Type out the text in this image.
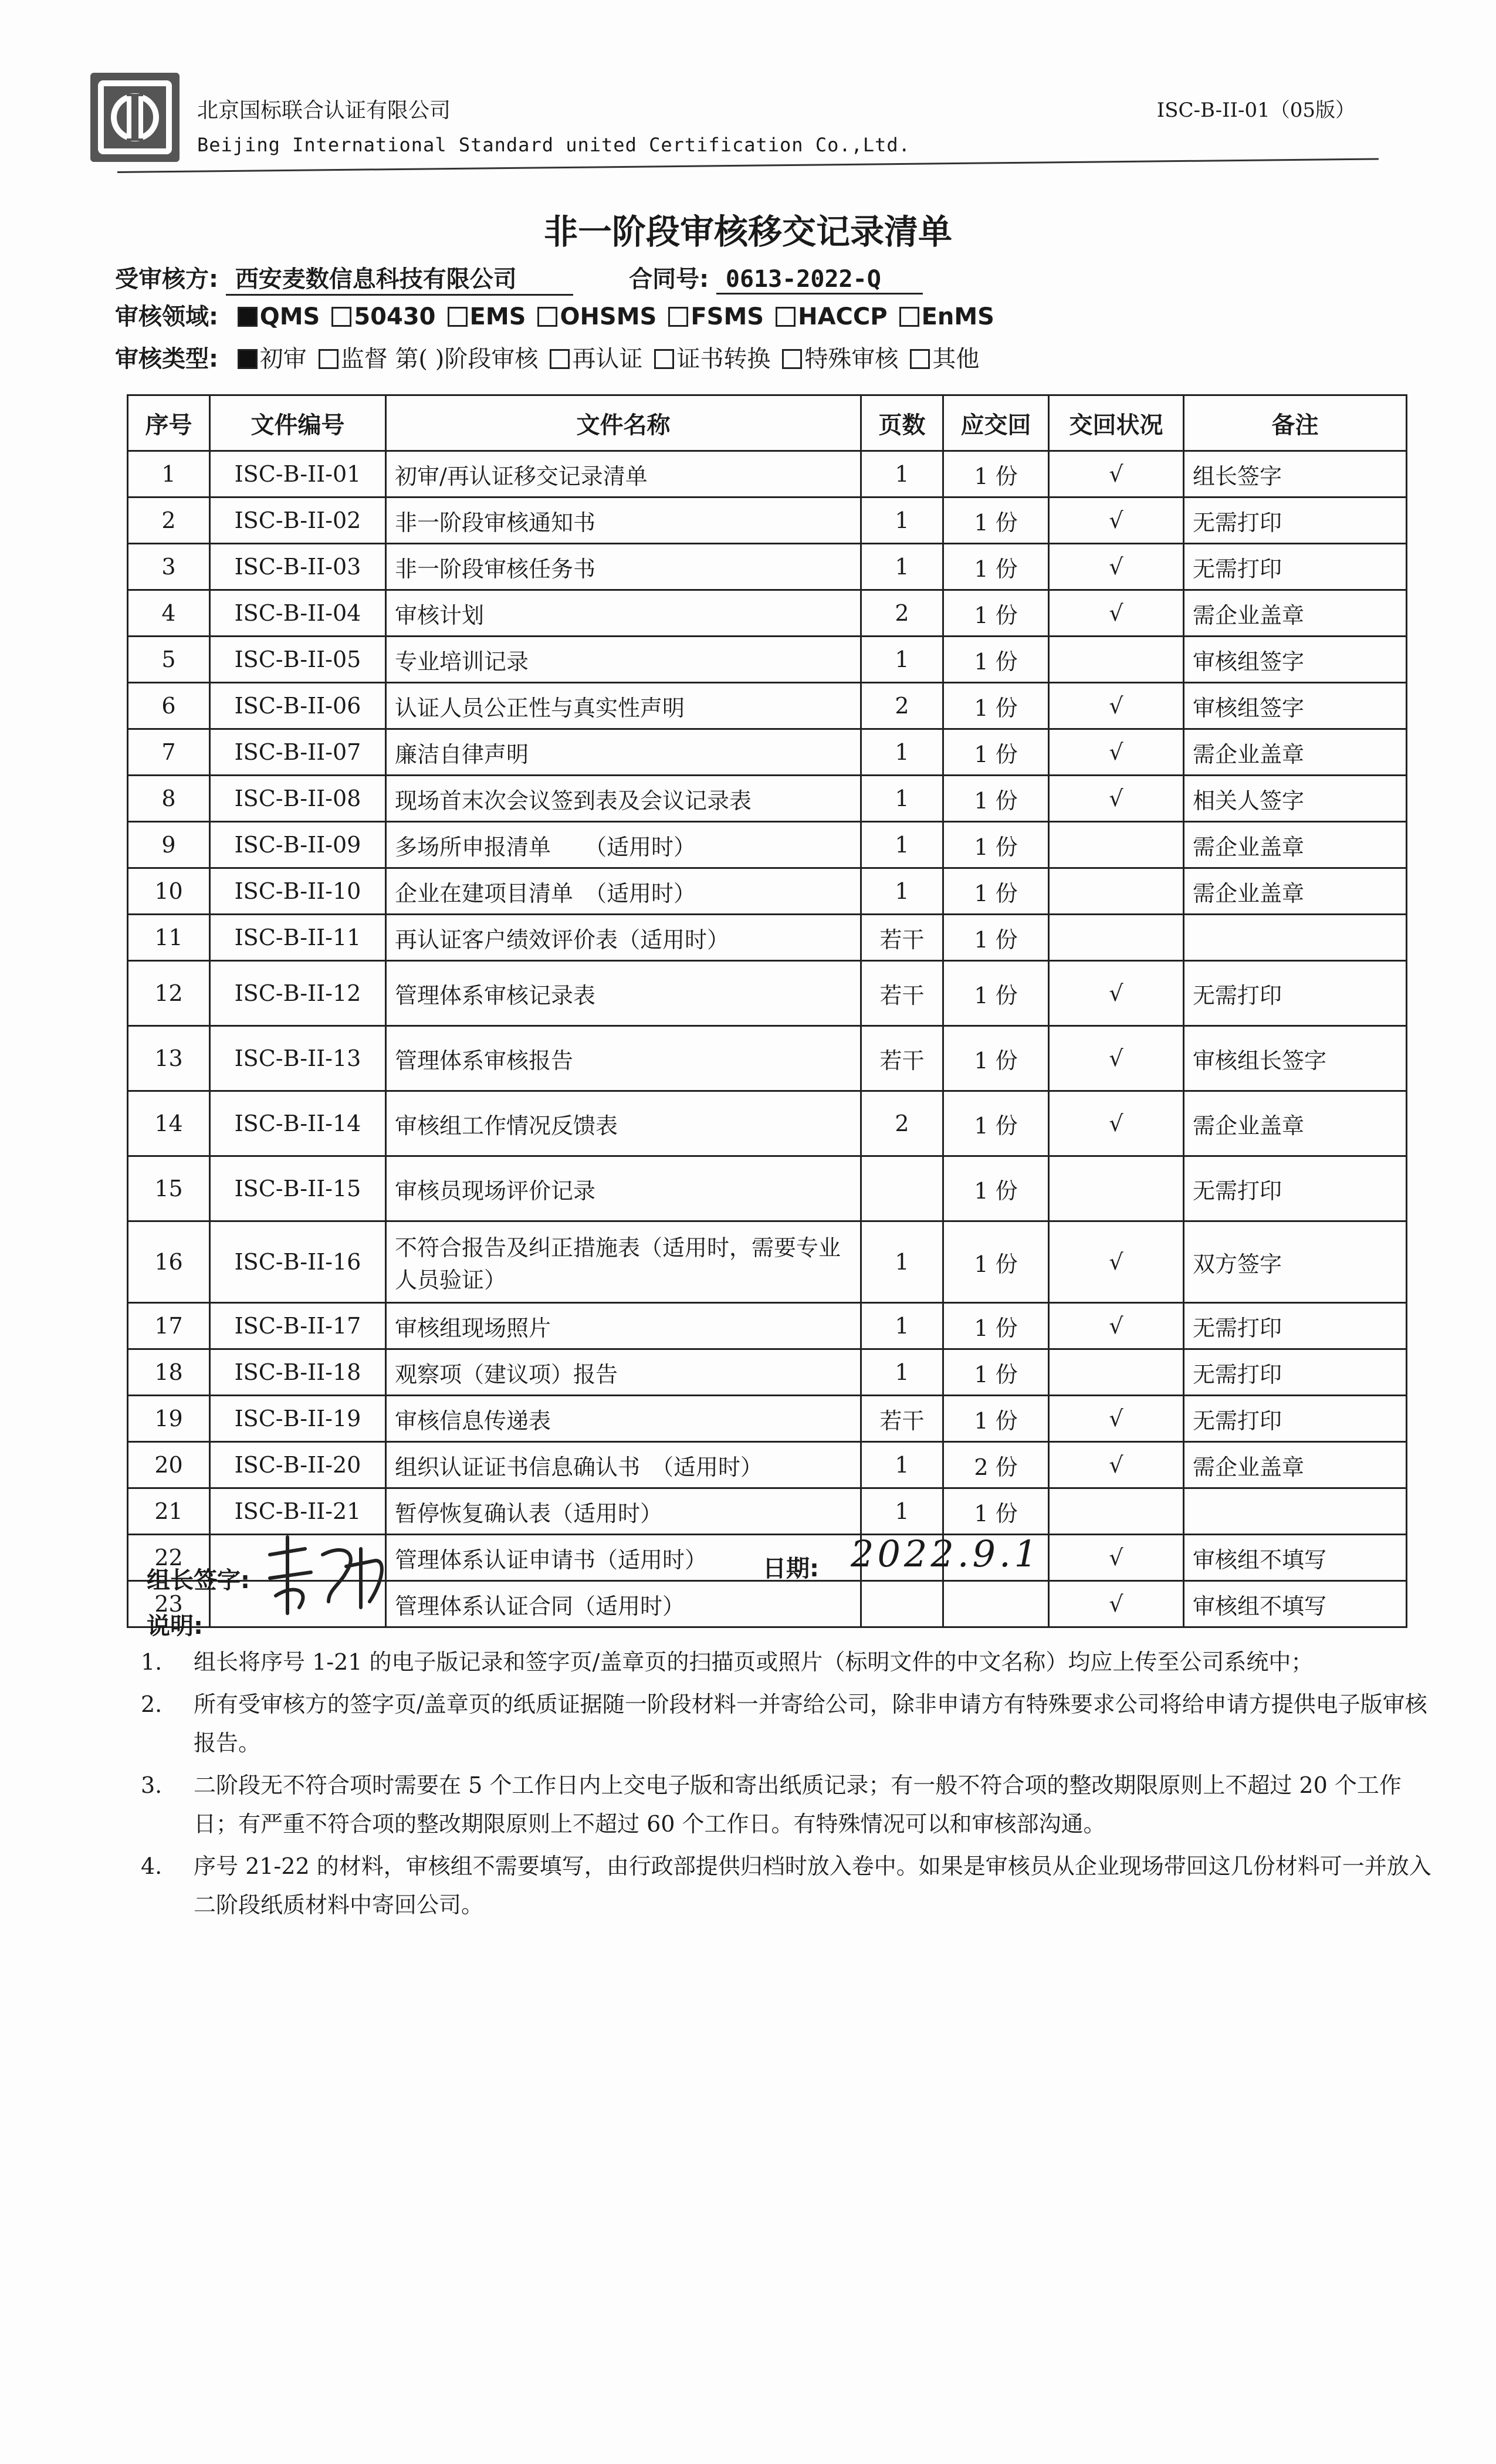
北京国标联合认证有限公司
Beijing International Standard united Certification Co.,Ltd.
ISC-B-II-01（05版）
非一阶段审核移交记录清单
受审核方: 西安麦数信息科技有限公司	合同号: 0613-2022-Q
审核领域: QMS 50430 EMS OHSMS FSMS HACCP EnMS
审核类型: 初审 监督 第( )阶段审核 再认证 证书转换 特殊审核 其他
序号	文件编号	文件名称	页数	应交回	交回状况	备注
1	ISC-B-II-01	初审/再认证移交记录清单	1	1 份	√	组长签字
2	ISC-B-II-02	非一阶段审核通知书	1	1 份	√	无需打印
3	ISC-B-II-03	非一阶段审核任务书	1	1 份	√	无需打印
4	ISC-B-II-04	审核计划	2	1 份	√	需企业盖章
5	ISC-B-II-05	专业培训记录	1	1 份		审核组签字
6	ISC-B-II-06	认证人员公正性与真实性声明	2	1 份	√	审核组签字
7	ISC-B-II-07	廉洁自律声明	1	1 份	√	需企业盖章
8	ISC-B-II-08	现场首末次会议签到表及会议记录表	1	1 份	√	相关人签字
9	ISC-B-II-09	多场所申报清单　　（适用时）	1	1 份		需企业盖章
10	ISC-B-II-10	企业在建项目清单　（适用时）	1	1 份		需企业盖章
11	ISC-B-II-11	再认证客户绩效评价表（适用时）	若干	1 份		
12	ISC-B-II-12	管理体系审核记录表	若干	1 份	√	无需打印
13	ISC-B-II-13	管理体系审核报告	若干	1 份	√	审核组长签字
14	ISC-B-II-14	审核组工作情况反馈表	2	1 份	√	需企业盖章
15	ISC-B-II-15	审核员现场评价记录		1 份		无需打印
16	ISC-B-II-16	不符合报告及纠正措施表（适用时，需要专业人员验证）	1	1 份	√	双方签字
17	ISC-B-II-17	审核组现场照片	1	1 份	√	无需打印
18	ISC-B-II-18	观察项（建议项）报告	1	1 份		无需打印
19	ISC-B-II-19	审核信息传递表	若干	1 份	√	无需打印
20	ISC-B-II-20	组织认证证书信息确认书　（适用时）	1	2 份	√	需企业盖章
21	ISC-B-II-21	暂停恢复确认表（适用时）	1	1 份		
22		管理体系认证申请书（适用时）			√	审核组不填写
23		管理体系认证合同（适用时）			√	审核组不填写
组长签字:	日期: 2022.9.1
说明:
1.	组长将序号 1-21 的电子版记录和签字页/盖章页的扫描页或照片（标明文件的中文名称）均应上传至公司系统中；
2.	所有受审核方的签字页/盖章页的纸质证据随一阶段材料一并寄给公司，除非申请方有特殊要求公司将给申请方提供电子版审核报告。
3.	二阶段无不符合项时需要在 5 个工作日内上交电子版和寄出纸质记录；有一般不符合项的整改期限原则上不超过 20 个工作日；有严重不符合项的整改期限原则上不超过 60 个工作日。有特殊情况可以和审核部沟通。
4.	序号 21-22 的材料，审核组不需要填写，由行政部提供归档时放入卷中。如果是审核员从企业现场带回这几份材料可一并放入二阶段纸质材料中寄回公司。
